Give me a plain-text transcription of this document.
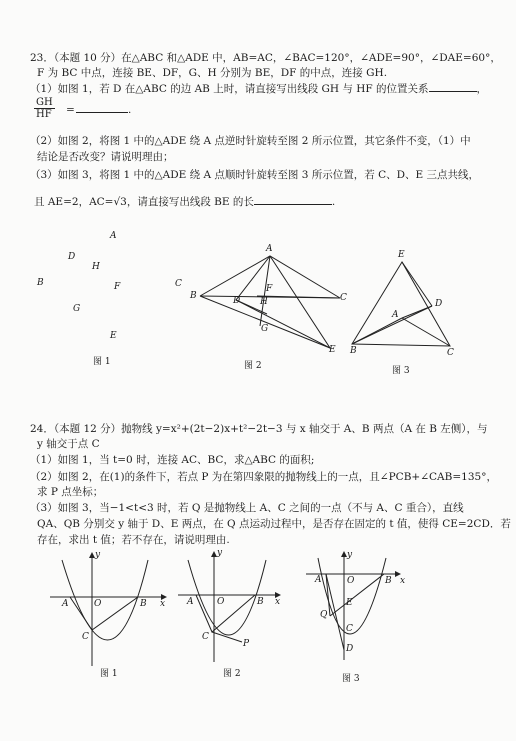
23．（本题 10 分）在△ABC 和△ADE 中，AB=AC，∠BAC=120°，∠ADE=90°，∠DAE=60°，
F 为 BC 中点，连接 BE、DF，G、H 分别为 BE，DF 的中点，连接 GH.
（1）如图 1，若 D 在△ABC 的边 AB 上时，请直接写出线段 GH 与 HF 的位置关系	，
$\frac{GH}{HF}$ =	.
（2）如图 2，将图 1 中的△ADE 绕 A 点逆时针旋转至图 2 所示位置，其它条件不变，（1）中
结论是否改变？请说明理由；
（3）如图 3，将图 1 中的△ADE 绕 A 点顺时针旋转至图 3 所示位置，若 C、D、E 三点共线，
且 AE=2，AC=√3，请直接写出线段 BE 的长	.
A
D
H
B	F
G
E
A
C
B
F
D H
G
E
C
E
D
A
B	C
图 1	图 2	图 3
24．（本题 12 分）抛物线 y=x²+(2t−2)x+t²−2t−3 与 x 轴交于 A、B 两点（A 在 B 左侧），与
y 轴交于点 C
（1）如图 1，当 t=0 时，连接 AC、BC，求△ABC 的面积;
（2）如图 2，在(1)的条件下，若点 P 为在第四象限的抛物线上的一点，且∠PCB+∠CAB=135°，
求 P 点坐标；
（3）如图 3，当−1<t<3 时，若 Q 是抛物线上 A、C 之间的一点（不与 A、C 重合），直线
QA、QB 分别交 y 轴于 D、E 两点，在 Q 点运动过程中，是否存在固定的 t 值，使得 CE=2CD．若
存在，求出 t 值；若不存在，请说明理由.
y
A	O	B x
C
y
A	O	B x
C
P
y
A	O	B x
Q
E
C
D
图 1	图 2	图 3
